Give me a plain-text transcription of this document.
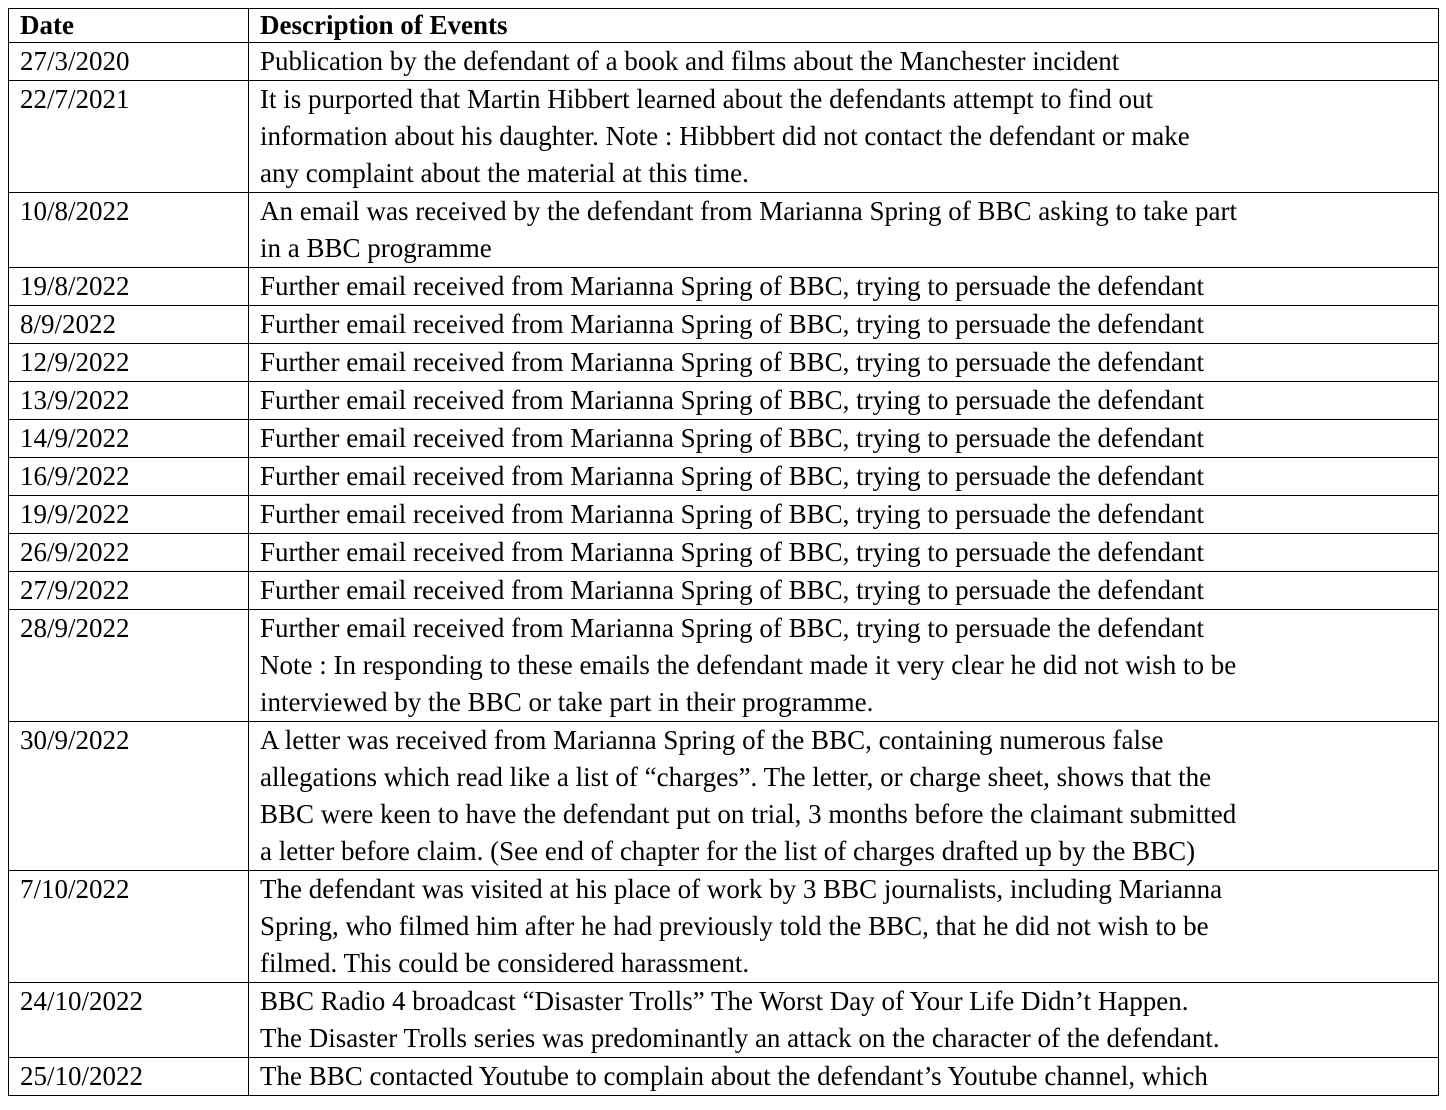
Date	Description of Events
27/3/2020	Publication by the defendant of a book and films about the Manchester incident

22/7/2021	It is purported that Martin Hibbert learned about the defendants attempt to find out
information about his daughter. Note : Hibbbert did not contact the defendant or make
any complaint about the material at this time.

10/8/2022	An email was received by the defendant from Marianna Spring of BBC asking to take part
in a BBC programme

19/8/2022	Further email received from Marianna Spring of BBC, trying to persuade the defendant

8/9/2022	Further email received from Marianna Spring of BBC, trying to persuade the defendant

12/9/2022	Further email received from Marianna Spring of BBC, trying to persuade the defendant

13/9/2022	Further email received from Marianna Spring of BBC, trying to persuade the defendant

14/9/2022	Further email received from Marianna Spring of BBC, trying to persuade the defendant

16/9/2022	Further email received from Marianna Spring of BBC, trying to persuade the defendant

19/9/2022	Further email received from Marianna Spring of BBC, trying to persuade the defendant

26/9/2022	Further email received from Marianna Spring of BBC, trying to persuade the defendant

27/9/2022	Further email received from Marianna Spring of BBC, trying to persuade the defendant

28/9/2022	Further email received from Marianna Spring of BBC, trying to persuade the defendant
Note : In responding to these emails the defendant made it very clear he did not wish to be
interviewed by the BBC or take part in their programme.

30/9/2022	A letter was received from Marianna Spring of the BBC, containing numerous false
allegations which read like a list of “charges”. The letter, or charge sheet, shows that the
BBC were keen to have the defendant put on trial, 3 months before the claimant submitted
a letter before claim. (See end of chapter for the list of charges drafted up by the BBC)

7/10/2022	The defendant was visited at his place of work by 3 BBC journalists, including Marianna
Spring, who filmed him after he had previously told the BBC, that he did not wish to be
filmed. This could be considered harassment.

24/10/2022	BBC Radio 4 broadcast “Disaster Trolls” The Worst Day of Your Life Didn’t Happen.
The Disaster Trolls series was predominantly an attack on the character of the defendant.

25/10/2022	The BBC contacted Youtube to complain about the defendant’s Youtube channel, which
